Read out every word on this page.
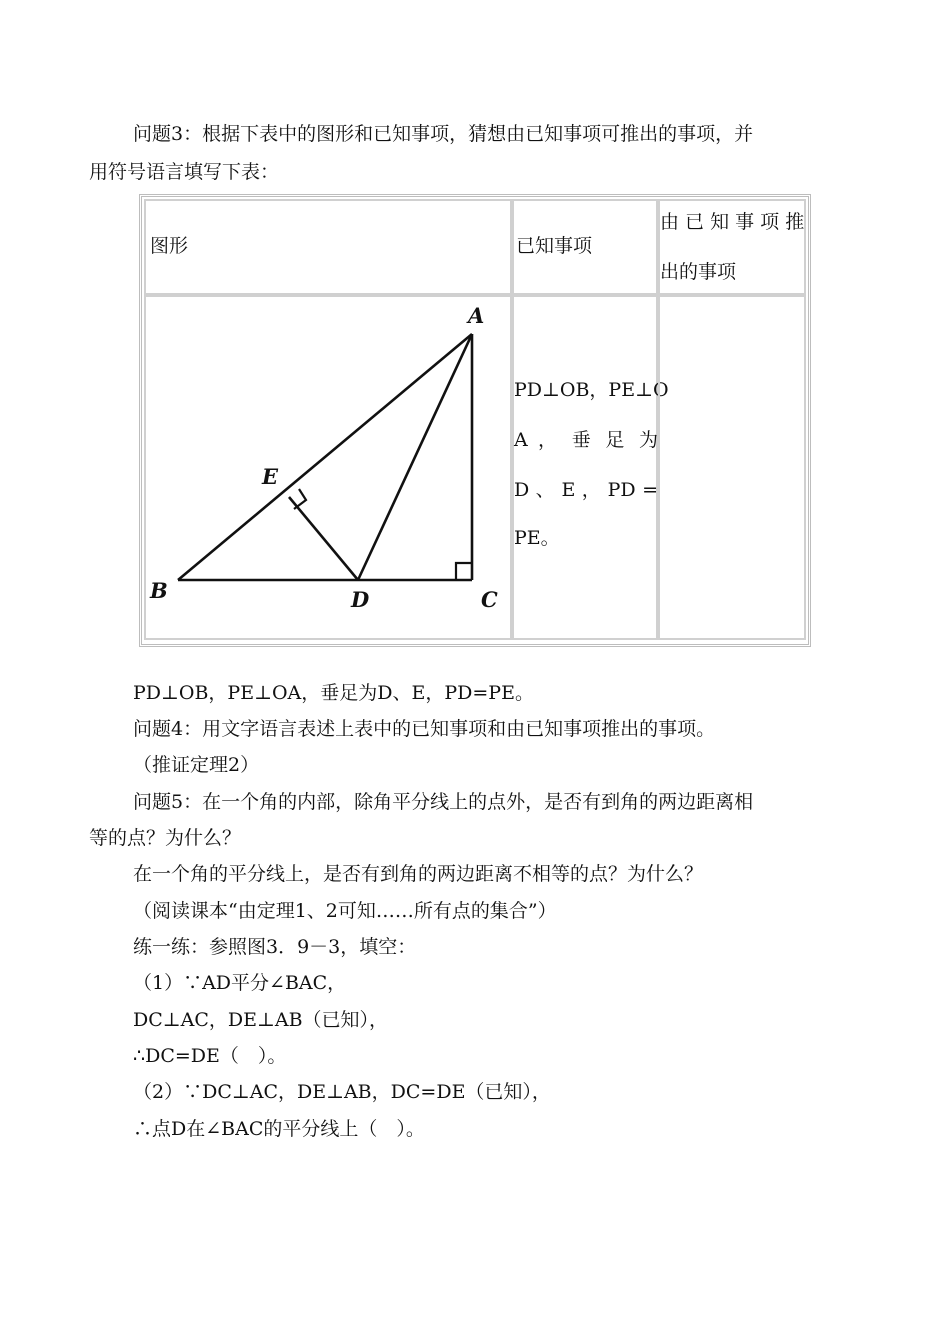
问题3：根据下表中的图形和已知事项，猜想由已知事项可推出的事项，并
用符号语言填写下表：
图形	已知事项
由 已 知 事 项 推
出的事项
A
B	C
D
E
PD⊥OB，PE⊥O
A ， 垂 足 为
D 、 E ， PD =
PE。
PD⊥OB，PE⊥OA，垂足为D、E，PD=PE。
问题4：用文字语言表述上表中的已知事项和由已知事项推出的事项。
（推证定理2）
问题5：在一个角的内部，除角平分线上的点外，是否有到角的两边距离相
等的点？为什么？
在一个角的平分线上，是否有到角的两边距离不相等的点？为什么？
（阅读课本“由定理1、2可知……所有点的集合”）
练一练：参照图3．9－3，填空：
（1）∵AD平分∠BAC，
DC⊥AC，DE⊥AB（已知），
∴DC=DE（　）。
（2）∵DC⊥AC，DE⊥AB，DC=DE（已知），
∴点D在∠BAC的平分线上（　）。
